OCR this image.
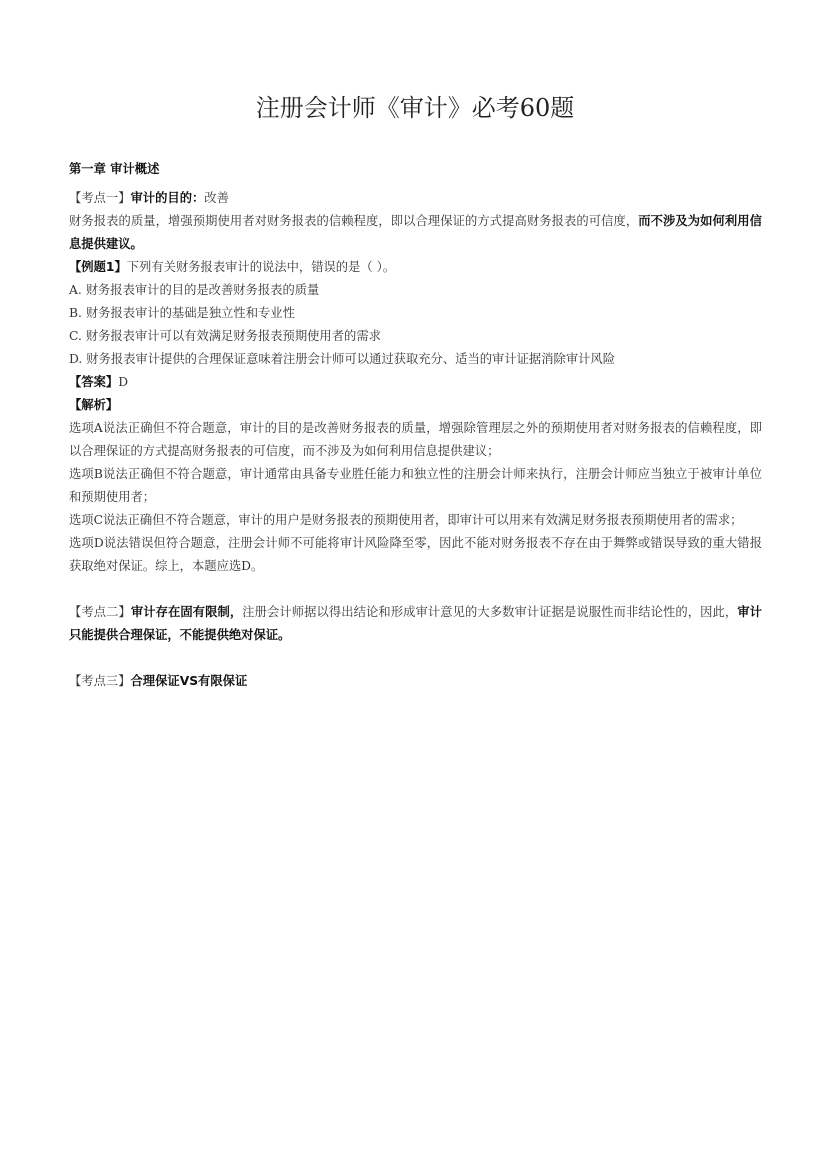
注册会计师《审计》必考60题
第一章 审计概述
【考点一】审计的目的：改善
财务报表的质量，增强预期使用者对财务报表的信赖程度，即以合理保证的方式提高财务报表的可信度，而不涉及为如何利用信息提供建议。
【例题1】下列有关财务报表审计的说法中，错误的是（ ）。
A. 财务报表审计的目的是改善财务报表的质量
B. 财务报表审计的基础是独立性和专业性
C. 财务报表审计可以有效满足财务报表预期使用者的需求
D. 财务报表审计提供的合理保证意味着注册会计师可以通过获取充分、适当的审计证据消除审计风险
【答案】D
【解析】
选项A说法正确但不符合题意，审计的目的是改善财务报表的质量，增强除管理层之外的预期使用者对财务报表的信赖程度，即以合理保证的方式提高财务报表的可信度，而不涉及为如何利用信息提供建议；
选项B说法正确但不符合题意，审计通常由具备专业胜任能力和独立性的注册会计师来执行，注册会计师应当独立于被审计单位和预期使用者；
选项C说法正确但不符合题意，审计的用户是财务报表的预期使用者，即审计可以用来有效满足财务报表预期使用者的需求；
选项D说法错误但符合题意，注册会计师不可能将审计风险降至零，因此不能对财务报表不存在由于舞弊或错误导致的重大错报获取绝对保证。综上，本题应选D。
【考点二】审计存在固有限制，注册会计师据以得出结论和形成审计意见的大多数审计证据是说服性而非结论性的，因此，审计只能提供合理保证，不能提供绝对保证。
【考点三】合理保证VS有限保证
